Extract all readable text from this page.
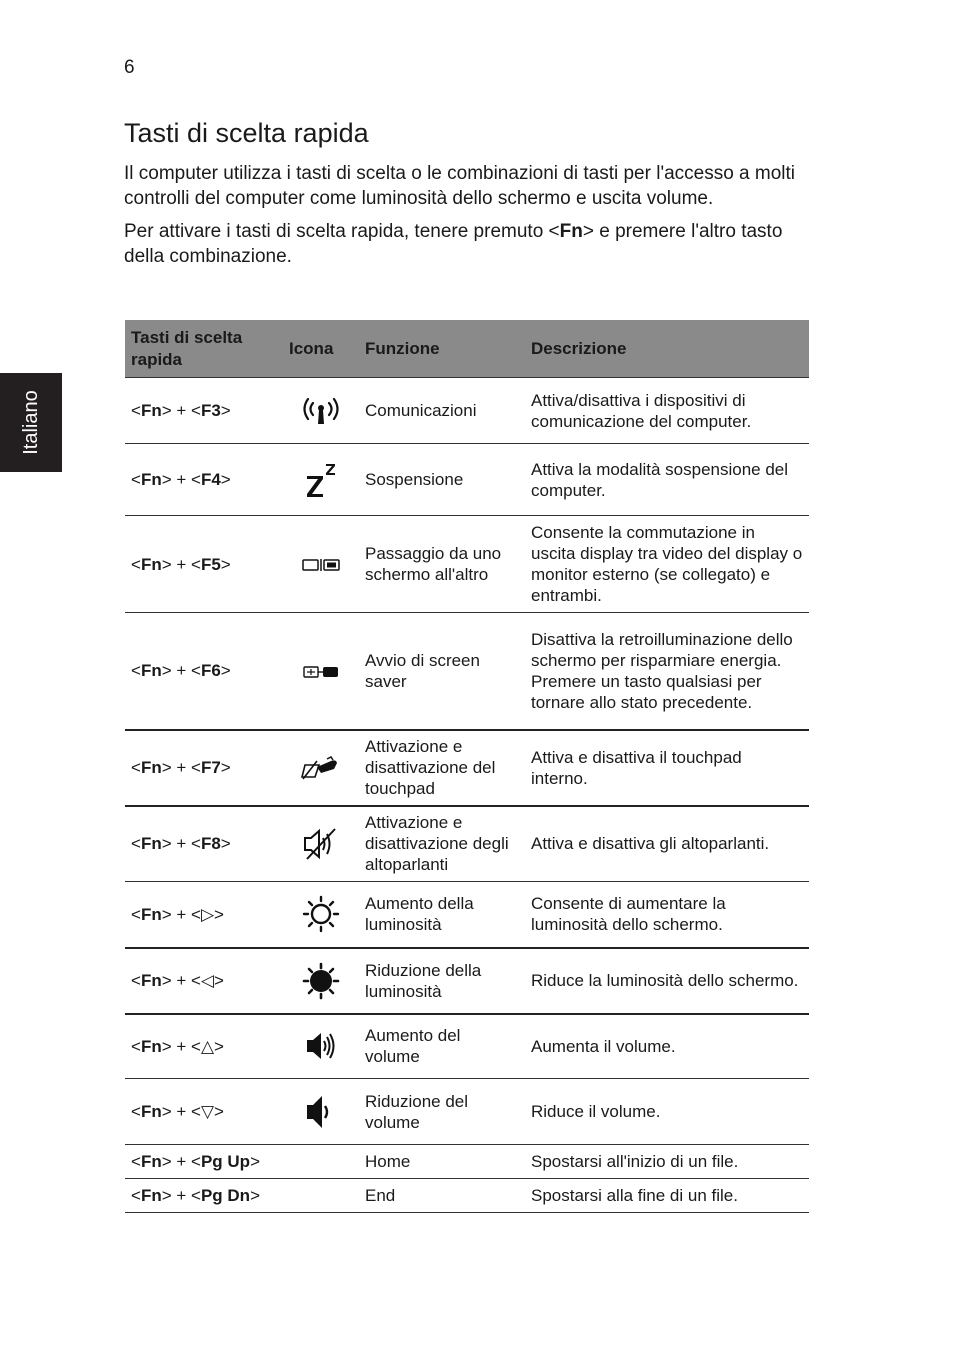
6
Italiano
Tasti di scelta rapida

Il computer utilizza i tasti di scelta o le combinazioni di tasti per l'accesso a molti controlli del computer come luminosità dello schermo e uscita volume.

Per attivare i tasti di scelta rapida, tenere premuto <Fn> e premere l'altro tasto della combinazione.

Tasti di scelta rapida	Icona	Funzione	Descrizione
<Fn> + <F3>		Comunicazioni	Attiva/disattiva i dispositivi di comunicazione del computer.
<Fn> + <F4>		Sospensione	Attiva la modalità sospensione del computer.
<Fn> + <F5>		Passaggio da uno schermo all'altro	Consente la commutazione in uscita display tra video del display o monitor esterno (se collegato) e entrambi.
<Fn> + <F6>		Avvio di screen saver	Disattiva la retroilluminazione dello schermo per risparmiare energia. Premere un tasto qualsiasi per tornare allo stato precedente.
<Fn> + <F7>		Attivazione e disattivazione del touchpad	Attiva e disattiva il touchpad interno.
<Fn> + <F8>		Attivazione e disattivazione degli altoparlanti	Attiva e disattiva gli altoparlanti.
<Fn> + <▷>		Aumento della luminosità	Consente di aumentare la luminosità dello schermo.
<Fn> + <◁>		Riduzione della luminosità	Riduce la luminosità dello schermo.
<Fn> + <△>		Aumento del volume	Aumenta il volume.
<Fn> + <▽>		Riduzione del volume	Riduce il volume.
<Fn> + <Pg Up>		Home	Spostarsi all'inizio di un file.
<Fn> + <Pg Dn>		End	Spostarsi alla fine di un file.
